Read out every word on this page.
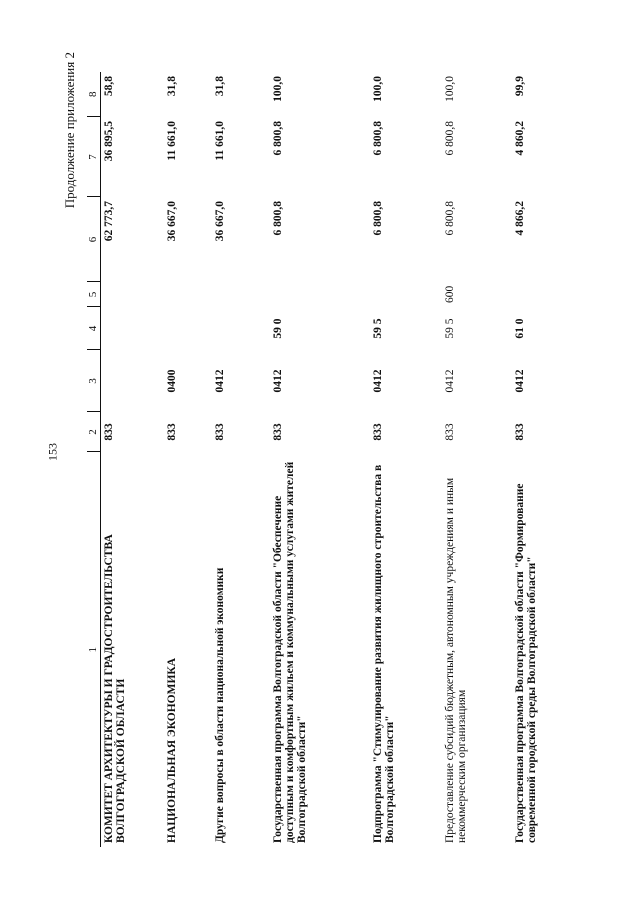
153
Продолжение приложения 2
1	2	3	4	5	6	7	8
КОМИТЕТ АРХИТЕКТУРЫ И ГРАДОСТРОИТЕЛЬСТВА ВОЛГОГРАДСКОЙ ОБЛАСТИ	833				62 773,7	36 895,5	58,8
НАЦИОНАЛЬНАЯ ЭКОНОМИКА	833	0400			36 667,0	11 661,0	31,8
Другие вопросы в области национальной экономики	833	0412			36 667,0	11 661,0	31,8
Государственная программа Волгоградской области "Обеспечение доступным и комфортным жильем и коммунальными услугами жителей Волгоградской области"	833	0412	59 0		6 800,8	6 800,8	100,0
Подпрограмма "Стимулирование развития жилищного строительства в Волгоградской области"	833	0412	59 5		6 800,8	6 800,8	100,0
Предоставление субсидий бюджетным, автономным учреждениям и иным некоммерческим организациям	833	0412	59 5	600	6 800,8	6 800,8	100,0
Государственная программа Волгоградской области "Формирование современной городской среды Волгоградской области"	833	0412	61 0		4 866,2	4 860,2	99,9
